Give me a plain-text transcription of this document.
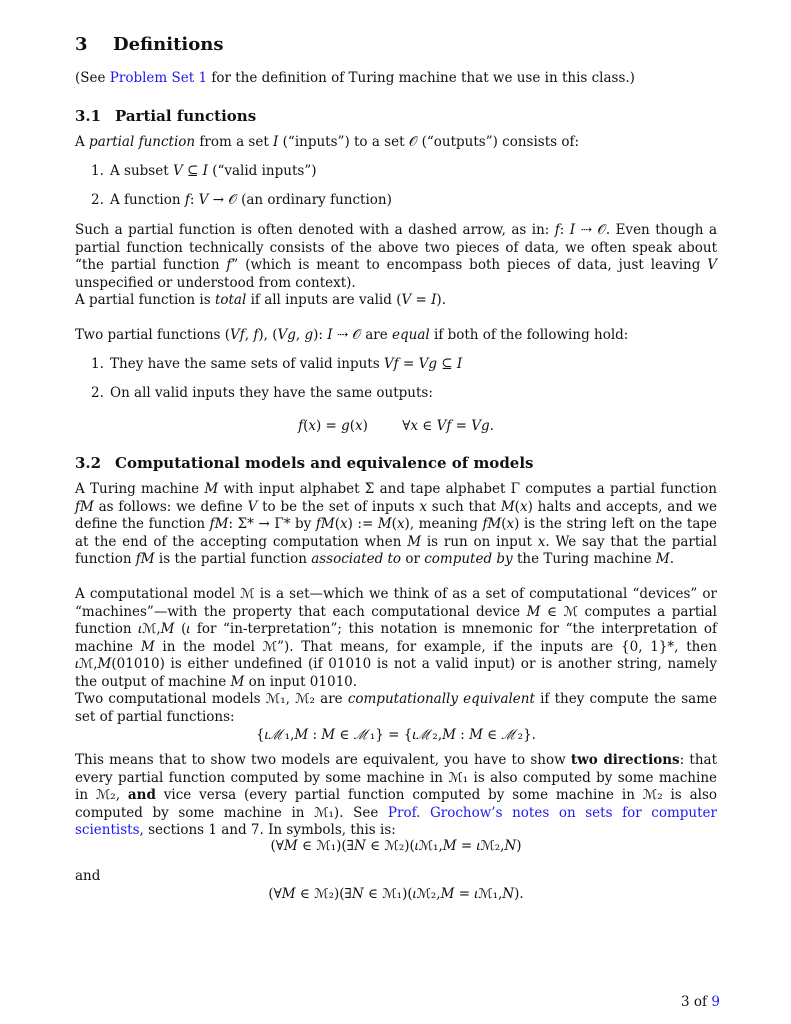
3 Definitions

(See Problem Set 1 for the definition of Turing machine that we use in this class.)

3.1 Partial functions

A partial function from a set 𝐼 (“inputs”) to a set 𝒪 (“outputs”) consists of:

1. A subset 𝑉 ⊆ 𝐼 (“valid inputs”)
2. A function 𝑓: 𝑉 → 𝒪 (an ordinary function)

Such a partial function is often denoted with a dashed arrow, as in: 𝑓: 𝐼 ⇢ 𝒪. Even though a partial function technically consists of the above two pieces of data, we often speak about “the partial function 𝑓” (which is meant to encompass both pieces of data, just leaving 𝑉 unspecified or understood from context).

A partial function is total if all inputs are valid (𝑉 = 𝐼).

Two partial functions (𝑉𝑓, 𝑓), (𝑉𝑔, 𝑔): 𝐼 ⇢ 𝒪 are equal if both of the following hold:

1. They have the same sets of valid inputs 𝑉𝑓 = 𝑉𝑔 ⊆ 𝐼
2. On all valid inputs they have the same outputs:
𝑓(𝑥) = 𝑔(𝑥)        ∀𝑥 ∈ 𝑉𝑓 = 𝑉𝑔.
3.2 Computational models and equivalence of models

A Turing machine 𝑀 with input alphabet Σ and tape alphabet Γ computes a partial function 𝑓𝑀 as follows: we define 𝑉 to be the set of inputs 𝑥 such that 𝑀(𝑥) halts and accepts, and we define the function 𝑓𝑀: Σ* → Γ* by 𝑓𝑀(𝑥) := 𝑀(𝑥), meaning 𝑓𝑀(𝑥) is the string left on the tape at the end of the accepting computation when 𝑀 is run on input 𝑥. We say that the partial function 𝑓𝑀 is the partial function associated to or computed by the Turing machine 𝑀.

A computational model ℳ is a set—which we think of as a set of computational “devices” or “machines”—with the property that each computational device 𝑀 ∈ ℳ computes a partial function 𝜄ℳ,𝑀 (𝜄 for “in-terpretation”; this notation is mnemonic for “the interpretation of machine 𝑀 in the model ℳ”). That means, for example, if the inputs are {0, 1}*, then 𝜄ℳ,𝑀(01010) is either undefined (if 01010 is not a valid input) or is another string, namely the output of machine 𝑀 on input 01010.

Two computational models ℳ₁, ℳ₂ are computationally equivalent if they compute the same set of partial functions:

{𝜄ℳ₁,𝑀 : 𝑀 ∈ ℳ₁} = {𝜄ℳ₂,𝑀 : 𝑀 ∈ ℳ₂}.

This means that to show two models are equivalent, you have to show two directions: that every partial function computed by some machine in ℳ₁ is also computed by some machine in ℳ₂, and vice versa (every partial function computed by some machine in ℳ₂ is also computed by some machine in ℳ₁). See Prof. Grochow’s notes on sets for computer scientists, sections 1 and 7. In symbols, this is:

(∀𝑀 ∈ ℳ₁)(∃𝑁 ∈ ℳ₂)(𝜄ℳ₁,𝑀 = 𝜄ℳ₂,𝑁)
and
(∀𝑀 ∈ ℳ₂)(∃𝑁 ∈ ℳ₁)(𝜄ℳ₂,𝑀 = 𝜄ℳ₁,𝑁).
3 of 9
